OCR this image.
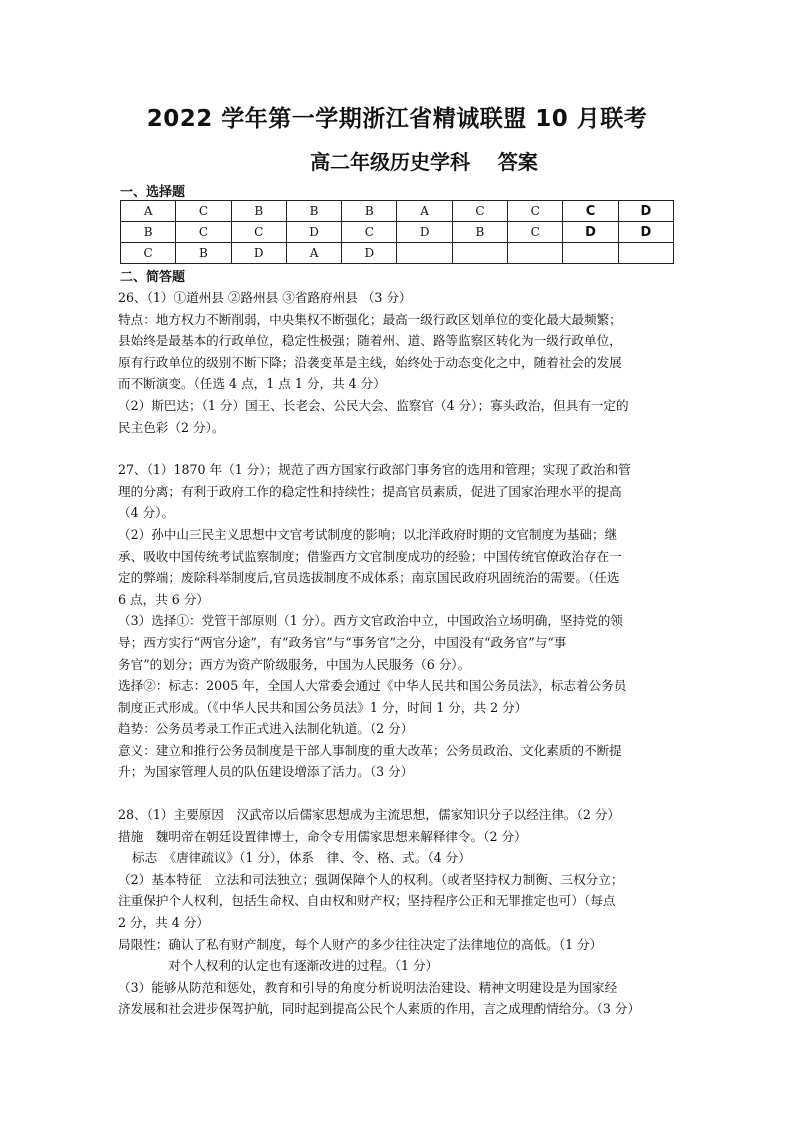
2022 学年第一学期浙江省精诚联盟 10 月联考
高二年级历史学科    答案
一、选择题
A	C	B	B	B	A	C	C	C	D
B	C	C	D	C	D	B	C	D	D
C	B	D	A	D					
二、简答题

26、（1）①道州县 ②路州县 ③省路府州县 （3 分）

特点：地方权力不断削弱，中央集权不断强化；最高一级行政区划单位的变化最大最频繁；

县始终是最基本的行政单位，稳定性极强；随着州、道、路等监察区转化为一级行政单位，

原有行政单位的级别不断下降；沿袭变革是主线，始终处于动态变化之中，随着社会的发展

而不断演变。（任选 4 点，1 点 1 分，共 4 分）

（2）斯巴达；（1 分）国王、长老会、公民大会、监察官（4 分）；寡头政治，但具有一定的

民主色彩（2 分）。

27、（1）1870 年（1 分）；规范了西方国家行政部门事务官的选用和管理；实现了政治和管

理的分离；有利于政府工作的稳定性和持续性；提高官员素质，促进了国家治理水平的提高

（4 分）。

（2）孙中山三民主义思想中文官考试制度的影响；以北洋政府时期的文官制度为基础；继

承、吸收中国传统考试监察制度；借鉴西方文官制度成功的经验；中国传统官僚政治存在一

定的弊端；废除科举制度后,官员选拔制度不成体系；南京国民政府巩固统治的需要。（任选

6 点，共 6 分）

（3）选择①：党管干部原则（1 分）。西方文官政治中立，中国政治立场明确，坚持党的领

导；西方实行“两官分途”，有“政务官”与“事务官”之分，中国没有“政务官”与“事

务官”的划分；西方为资产阶级服务，中国为人民服务（6 分）。

选择②：标志：2005 年，全国人大常委会通过《中华人民共和国公务员法》，标志着公务员

制度正式形成。（《中华人民共和国公务员法》1 分，时间 1 分，共 2 分）

趋势：公务员考录工作正式进入法制化轨道。（2 分）

意义：建立和推行公务员制度是干部人事制度的重大改革；公务员政治、文化素质的不断提

升；为国家管理人员的队伍建设增添了活力。（3 分）

28、（1）主要原因　汉武帝以后儒家思想成为主流思想，儒家知识分子以经注律。（2 分）

措施　魏明帝在朝廷设置律博士，命令专用儒家思想来解释律令。（2 分）

标志　《唐律疏议》（1 分），体系　律、令、格、式。（4 分）

（2）基本特征　立法和司法独立；强调保障个人的权利。（或者坚持权力制衡、三权分立；

注重保护个人权利，包括生命权、自由权和财产权；坚持程序公正和无罪推定也可）（每点

2 分，共 4 分）

局限性：确认了私有财产制度，每个人财产的多少往往决定了法律地位的高低。（1 分）

对个人权利的认定也有逐渐改进的过程。（1 分）

（3）能够从防范和惩处，教育和引导的角度分析说明法治建设、精神文明建设是为国家经

济发展和社会进步保驾护航，同时起到提高公民个人素质的作用，言之成理酌情给分。（3 分）
